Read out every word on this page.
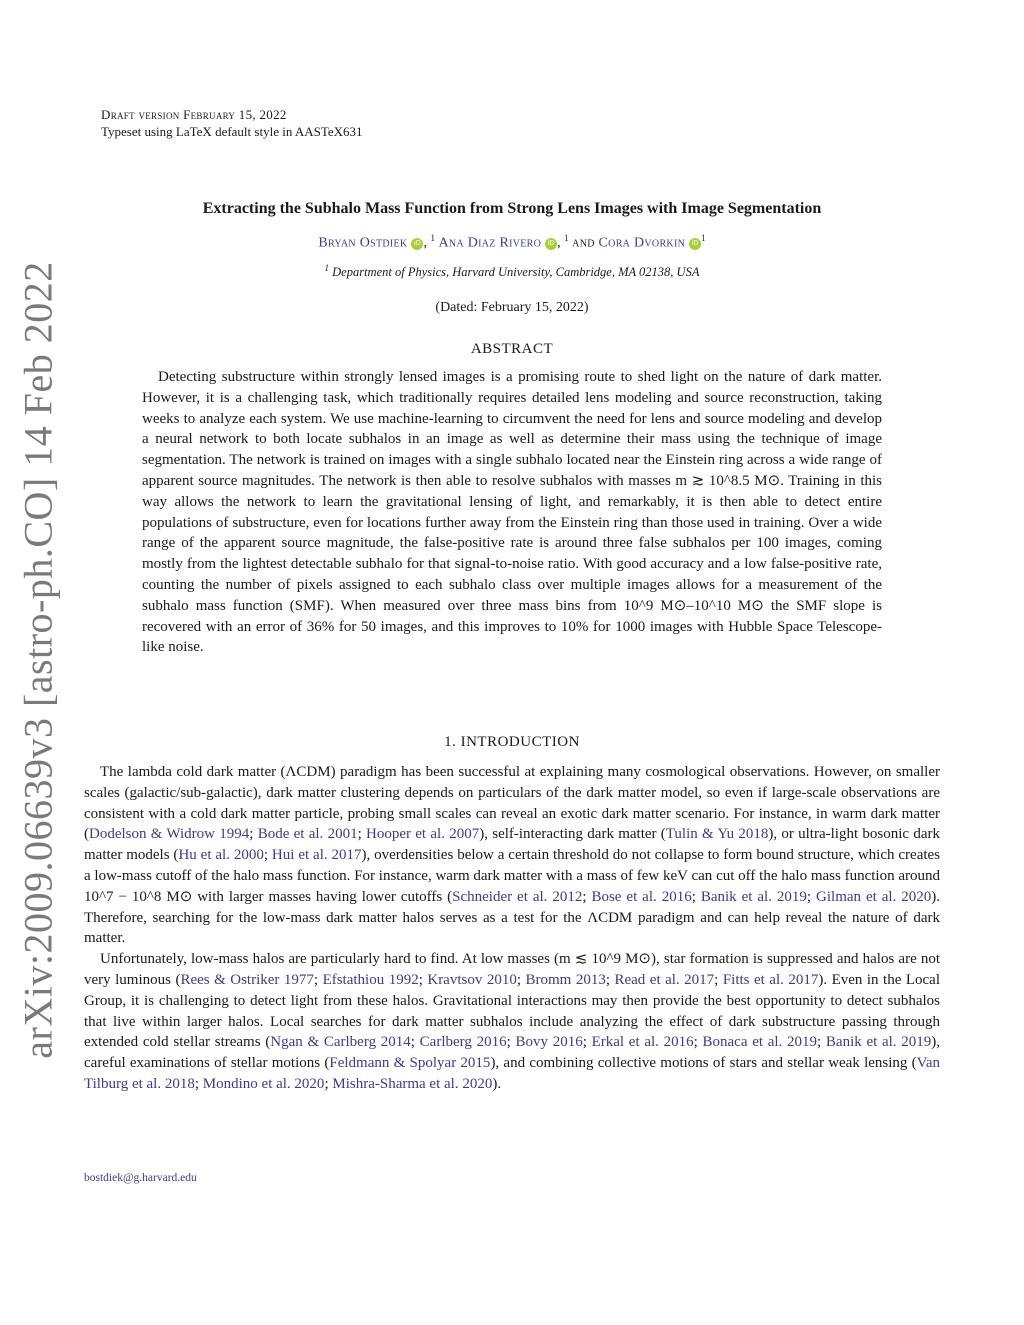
arXiv:2009.06639v3 [astro-ph.CO] 14 Feb 2022
Draft version February 15, 2022
Typeset using LaTeX default style in AASTeX631
Extracting the Subhalo Mass Function from Strong Lens Images with Image Segmentation
Bryan Ostdiek iD , $^1$ Ana Diaz Rivero iD , $^1$ and Cora Dvorkin $iD^1$
$^1$ Department of Physics, Harvard University, Cambridge, MA 02138, USA
(Dated: February 15, 2022)
ABSTRACT
Detecting substructure within strongly lensed images is a promising route to shed light on the nature of dark matter. However, it is a challenging task, which traditionally requires detailed lens modeling and source reconstruction, taking weeks to analyze each system. We use machine-learning to circumvent the need for lens and source modeling and develop a neural network to both locate subhalos in an image as well as determine their mass using the technique of image segmentation. The network is trained on images with a single subhalo located near the Einstein ring across a wide range of apparent source magnitudes. The network is then able to resolve subhalos with masses m ≳ 10^8.5 M⊙. Training in this way allows the network to learn the gravitational lensing of light, and remarkably, it is then able to detect entire populations of substructure, even for locations further away from the Einstein ring than those used in training. Over a wide range of the apparent source magnitude, the false-positive rate is around three false subhalos per 100 images, coming mostly from the lightest detectable subhalo for that signal-to-noise ratio. With good accuracy and a low false-positive rate, counting the number of pixels assigned to each subhalo class over multiple images allows for a measurement of the subhalo mass function (SMF). When measured over three mass bins from 10^9 M⊙–10^10 M⊙ the SMF slope is recovered with an error of 36% for 50 images, and this improves to 10% for 1000 images with Hubble Space Telescope-like noise.
1. INTRODUCTION

The lambda cold dark matter (ΛCDM) paradigm has been successful at explaining many cosmological observations. However, on smaller scales (galactic/sub-galactic), dark matter clustering depends on particulars of the dark matter model, so even if large-scale observations are consistent with a cold dark matter particle, probing small scales can reveal an exotic dark matter scenario. For instance, in warm dark matter (Dodelson & Widrow 1994; Bode et al. 2001; Hooper et al. 2007), self-interacting dark matter (Tulin & Yu 2018), or ultra-light bosonic dark matter models (Hu et al. 2000; Hui et al. 2017), overdensities below a certain threshold do not collapse to form bound structure, which creates a low-mass cutoff of the halo mass function. For instance, warm dark matter with a mass of few keV can cut off the halo mass function around 10^7 − 10^8 M⊙ with larger masses having lower cutoffs (Schneider et al. 2012; Bose et al. 2016; Banik et al. 2019; Gilman et al. 2020). Therefore, searching for the low-mass dark matter halos serves as a test for the ΛCDM paradigm and can help reveal the nature of dark matter.

Unfortunately, low-mass halos are particularly hard to find. At low masses (m ≲ 10^9 M⊙), star formation is suppressed and halos are not very luminous (Rees & Ostriker 1977; Efstathiou 1992; Kravtsov 2010; Bromm 2013; Read et al. 2017; Fitts et al. 2017). Even in the Local Group, it is challenging to detect light from these halos. Gravitational interactions may then provide the best opportunity to detect subhalos that live within larger halos. Local searches for dark matter subhalos include analyzing the effect of dark substructure passing through extended cold stellar streams (Ngan & Carlberg 2014; Carlberg 2016; Bovy 2016; Erkal et al. 2016; Bonaca et al. 2019; Banik et al. 2019), careful examinations of stellar motions (Feldmann & Spolyar 2015), and combining collective motions of stars and stellar weak lensing (Van Tilburg et al. 2018; Mondino et al. 2020; Mishra-Sharma et al. 2020).

bostdiek@g.harvard.edu
